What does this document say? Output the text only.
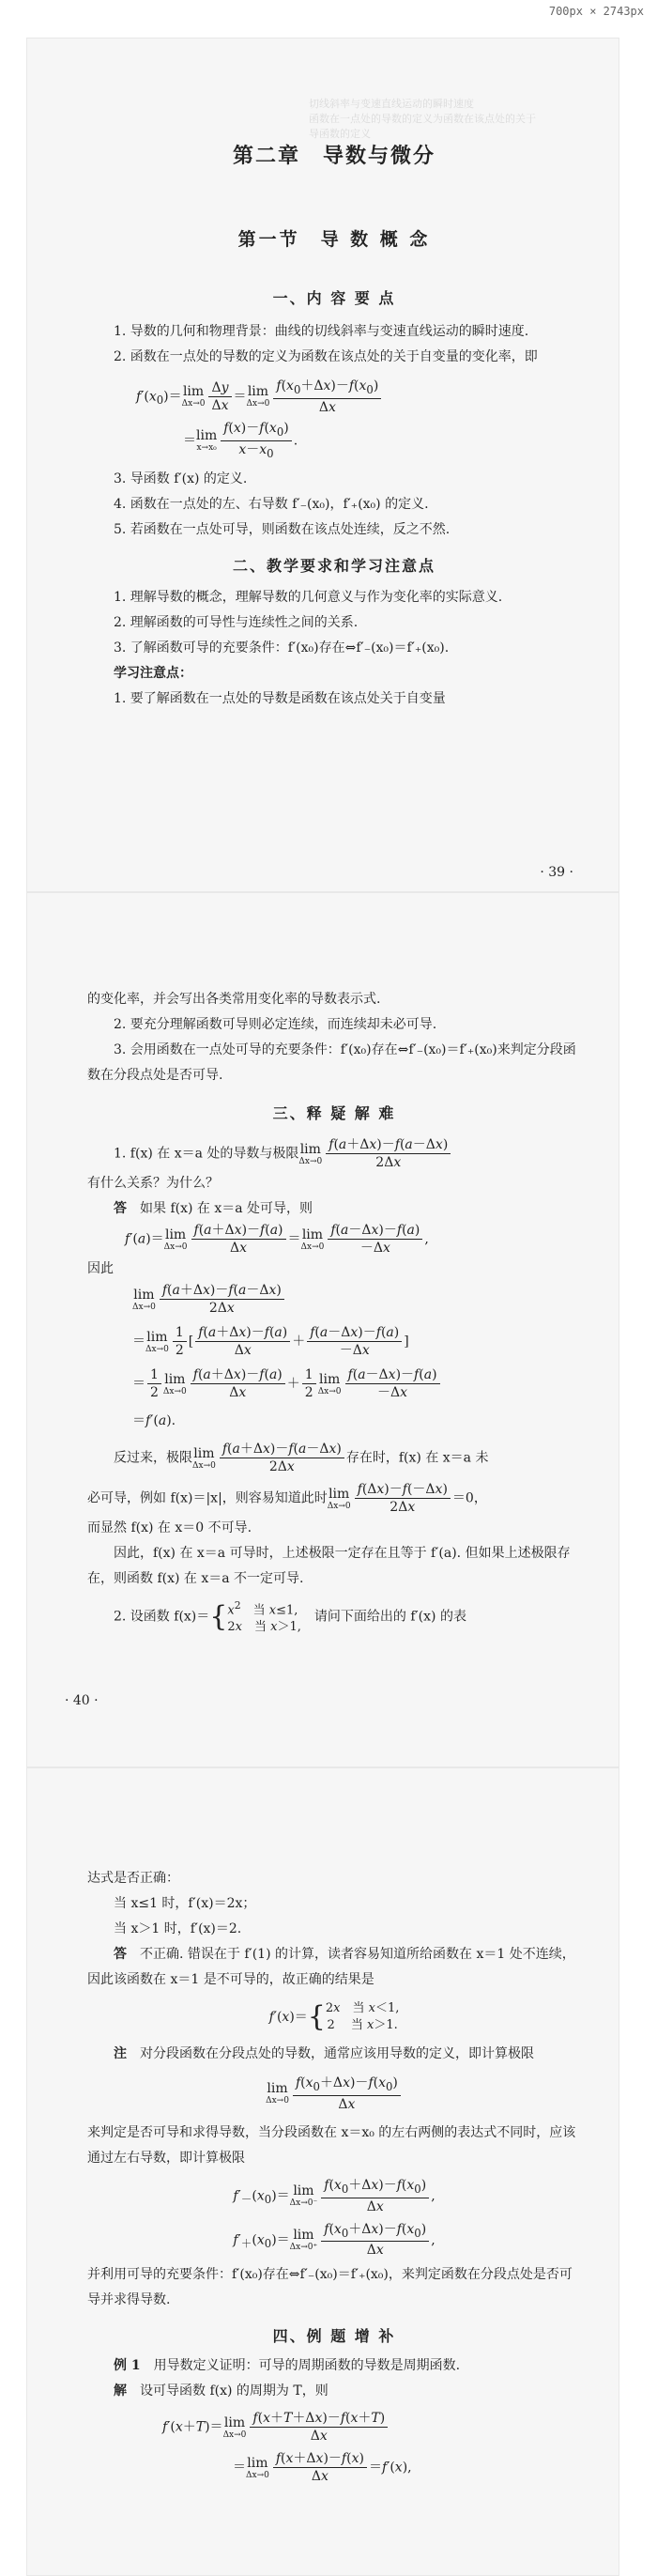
700px × 2743px
切线斜率与变速直线运动的瞬时速度
函数在一点处的导数的定义为函数在该点处的关于
导函数的定义
第二章　导数与微分
第一节　导 数 概 念
一、内 容 要 点

1. 导数的几何和物理背景：曲线的切线斜率与变速直线运动的瞬时速度.

2. 函数在一点处的导数的定义为函数在该点处的关于自变量的变化率，即

$f'(x_0)= \lim$
$\Delta x\to 0 \frac{\Delta y}{\Delta x} = \lim$
$\Delta x\to 0 \frac{f(x_0+\Delta x)-f(x_0)}{\Delta x}$
＝ lim
$x\to x_0 \frac{f(x)-f(x_0)}{x-x_0}$ .

3. 导函数 f′(x) 的定义.

4. 函数在一点处的左、右导数 f′₋(x₀)，f′₊(x₀) 的定义.

5. 若函数在一点处可导，则函数在该点处连续，反之不然.

二、教学要求和学习注意点

1. 理解导数的概念，理解导数的几何意义与作为变化率的实际意义.

2. 理解函数的可导性与连续性之间的关系.

3. 了解函数可导的充要条件：f′(x₀)存在⇔f′₋(x₀)＝f′₊(x₀).

学习注意点：

1. 要了解函数在一点处的导数是函数在该点处关于自变量

· 39 ·

的变化率，并会写出各类常用变化率的导数表示式.

2. 要充分理解函数可导则必定连续，而连续却未必可导.

3. 会用函数在一点处可导的充要条件：f′(x₀)存在⇔f′₋(x₀)＝f′₊(x₀)来判定分段函数在分段点处是否可导.

三、释 疑 解 难
1. f(x) 在 x＝a 处的导数与极限 lim
$\Delta x\to 0 \frac{f(a+\Delta x)-f(a-\Delta x)}{2\Delta x}$

有什么关系？为什么？

答　 如果 f(x) 在 x＝a 处可导，则

f′(a)＝ lim
$\Delta x\to 0 \frac{f(a+\Delta x)-f(a)}{\Delta x} = \lim$
$\Delta x\to 0 \frac{f(a-\Delta x)-f(a)}{-\Delta x}$ ,

因此

lim
$\Delta x\to 0 \frac{f(a+\Delta x)-f(a-\Delta x)}{2\Delta x}$
＝ lim
$\Delta x\to 0 \frac{1}{2}$ [ $\frac{f(a+\Delta x)-f(a)}{\Delta x} + \frac{f(a-\Delta x)-f(a)}{-\Delta x}$ ]
＝ $\frac{1}{2}$ lim
$\Delta x\to 0 \frac{f(a+\Delta x)-f(a)}{\Delta x} + \frac{1}{2}$ lim
$\Delta x\to 0 \frac{f(a-\Delta x)-f(a)}{-\Delta x}$
＝f′(a).
反过来，极限 lim
$\Delta x\to 0 \frac{f(a+\Delta x)-f(a-\Delta x)}{2\Delta x}$ 存在时，f(x) 在 x＝a 未
必可导，例如 f(x)＝|x|，则容易知道此时 lim
$\Delta x\to 0 \frac{f(\Delta x)-f(-\Delta x)}{2\Delta x} =0$，

而显然 f(x) 在 x＝0 不可导.

因此，f(x) 在 x＝a 可导时，上述极限一定存在且等于 f′(a). 但如果上述极限存在，则函数 f(x) 在 x＝a 不一定可导.

2. 设函数 f(x)＝{ $x^2$　当 x≤1,
2x　当 x＞1,
　请问下面给出的 f′(x) 的表
· 40 ·

达式是否正确：

当 x≤1 时，f′(x)＝2x；

当 x＞1 时，f′(x)＝2.

答　 不正确. 错误在于 f′(1) 的计算，读者容易知道所给函数在 x＝1 处不连续，因此该函数在 x＝1 是不可导的，故正确的结果是

f′(x)＝{ 2x　当 x＜1,
2　 当 x＞1.

注　 对分段函数在分段点处的导数，通常应该用导数的定义，即计算极限

lim
$\Delta x\to 0 \frac{f(x_0+\Delta x)-f(x_0)}{\Delta x}$

来判定是否可导和求得导数，当分段函数在 x＝x₀ 的左右两侧的表达式不同时，应该通过左右导数，即计算极限

$f'_-(x_0)= \lim$
$\Delta x\to 0^- \frac{f(x_0+\Delta x)-f(x_0)}{\Delta x}$ ,
$f'_+(x_0)= \lim$
$\Delta x\to 0^+ \frac{f(x_0+\Delta x)-f(x_0)}{\Delta x}$ ,

并利用可导的充要条件：f′(x₀)存在⇔f′₋(x₀)＝f′₊(x₀)，来判定函数在分段点处是否可导并求得导数.

四、例 题 增 补

例 1　 用导数定义证明：可导的周期函数的导数是周期函数.

解　 设可导函数 f(x) 的周期为 T，则

f′(x＋T)＝ lim
$\Delta x\to 0 \frac{f(x+T+\Delta x)-f(x+T)}{\Delta x}$
＝ lim
$\Delta x\to 0 \frac{f(x+\Delta x)-f(x)}{\Delta x} =f'(x)$,
